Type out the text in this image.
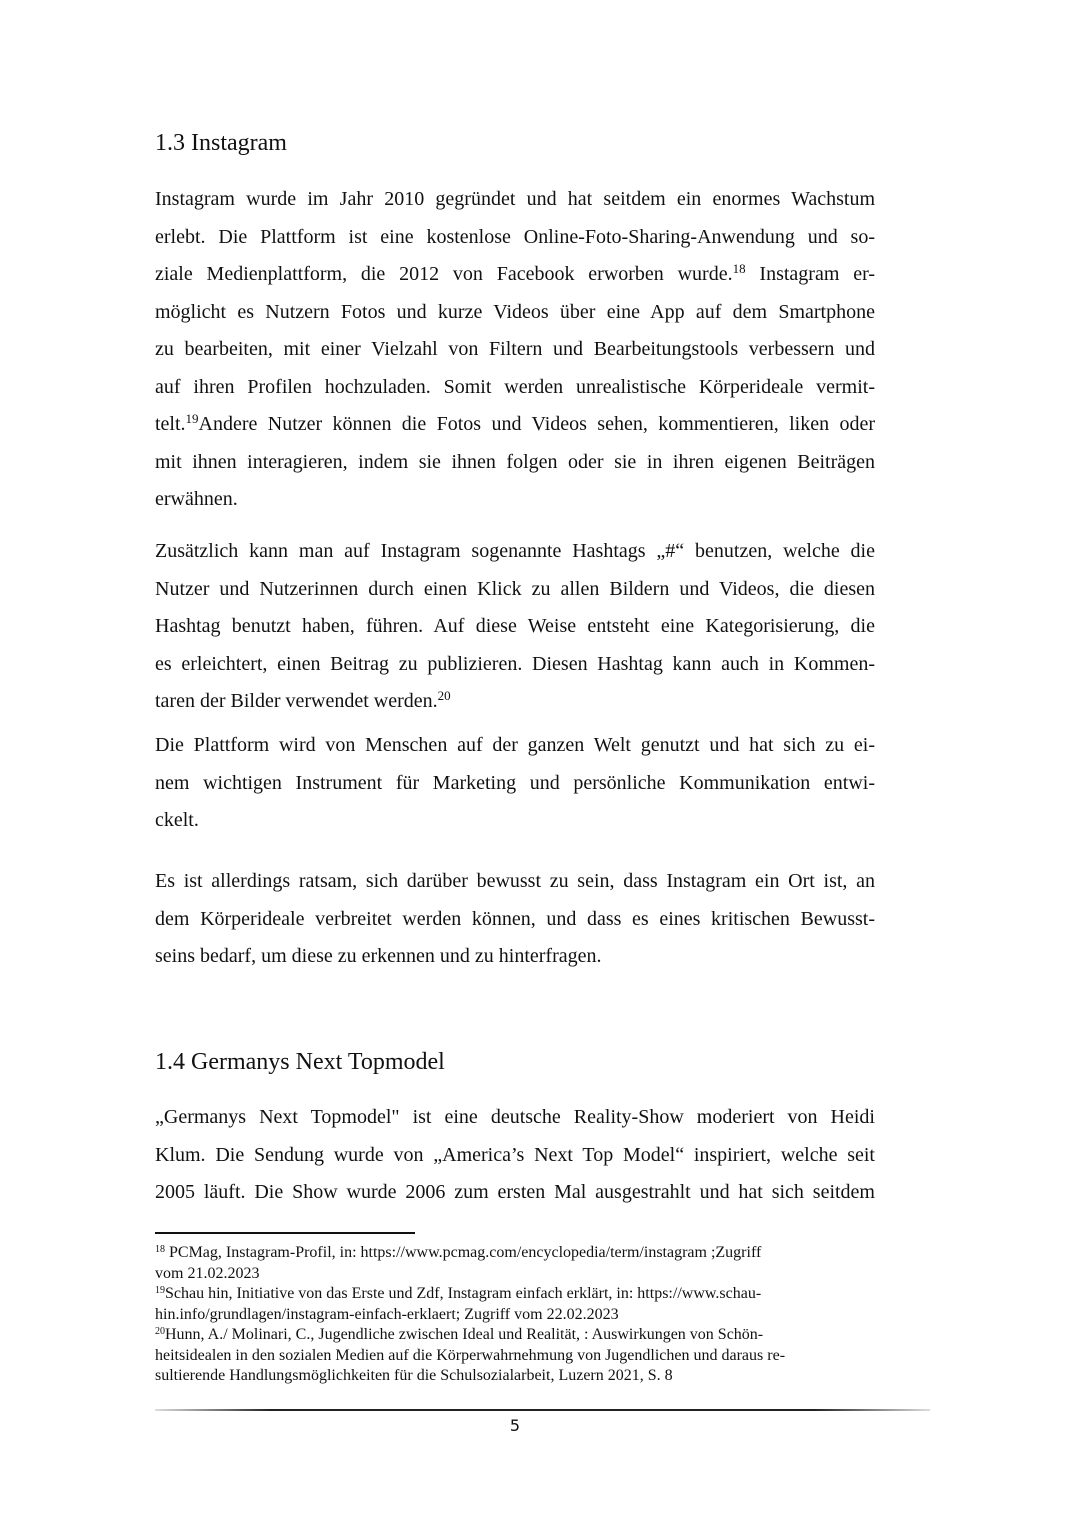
1.3 Instagram
Instagram wurde im Jahr 2010 gegründet und hat seitdem ein enormes Wachstum
erlebt. Die Plattform ist eine kostenlose Online-Foto-Sharing-Anwendung und so-
ziale Medienplattform, die 2012 von Facebook erworben wurde.$^{18}$ Instagram er-
möglicht es Nutzern Fotos und kurze Videos über eine App auf dem Smartphone
zu bearbeiten, mit einer Vielzahl von Filtern und Bearbeitungstools verbessern und
auf ihren Profilen hochzuladen. Somit werden unrealistische Körperideale vermit-
telt.$^{19}$Andere Nutzer können die Fotos und Videos sehen, kommentieren, liken oder
mit ihnen interagieren, indem sie ihnen folgen oder sie in ihren eigenen Beiträgen
erwähnen.
Zusätzlich kann man auf Instagram sogenannte Hashtags „#“ benutzen, welche die
Nutzer und Nutzerinnen durch einen Klick zu allen Bildern und Videos, die diesen
Hashtag benutzt haben, führen. Auf diese Weise entsteht eine Kategorisierung, die
es erleichtert, einen Beitrag zu publizieren. Diesen Hashtag kann auch in Kommen-
taren der Bilder verwendet werden.$^{20}$
Die Plattform wird von Menschen auf der ganzen Welt genutzt und hat sich zu ei-
nem wichtigen Instrument für Marketing und persönliche Kommunikation entwi-
ckelt.
Es ist allerdings ratsam, sich darüber bewusst zu sein, dass Instagram ein Ort ist, an
dem Körperideale verbreitet werden können, und dass es eines kritischen Bewusst-
seins bedarf, um diese zu erkennen und zu hinterfragen.
1.4 Germanys Next Topmodel
„Germanys Next Topmodel" ist eine deutsche Reality-Show moderiert von Heidi
Klum. Die Sendung wurde von „America’s Next Top Model“ inspiriert, welche seit
2005 läuft. Die Show wurde 2006 zum ersten Mal ausgestrahlt und hat sich seitdem
$^{18}$ PCMag, Instagram-Profil, in: https://www.pcmag.com/encyclopedia/term/instagram ;Zugriff
vom 21.02.2023
$^{19}$Schau hin, Initiative von das Erste und Zdf, Instagram einfach erklärt, in: https://www.schau-
hin.info/grundlagen/instagram-einfach-erklaert; Zugriff vom 22.02.2023
$^{20}$Hunn, A./ Molinari, C., Jugendliche zwischen Ideal und Realität, : Auswirkungen von Schön-
heitsidealen in den sozialen Medien auf die Körperwahrnehmung von Jugendlichen und daraus re-
sultierende Handlungsmöglichkeiten für die Schulsozialarbeit, Luzern 2021, S. 8
5
